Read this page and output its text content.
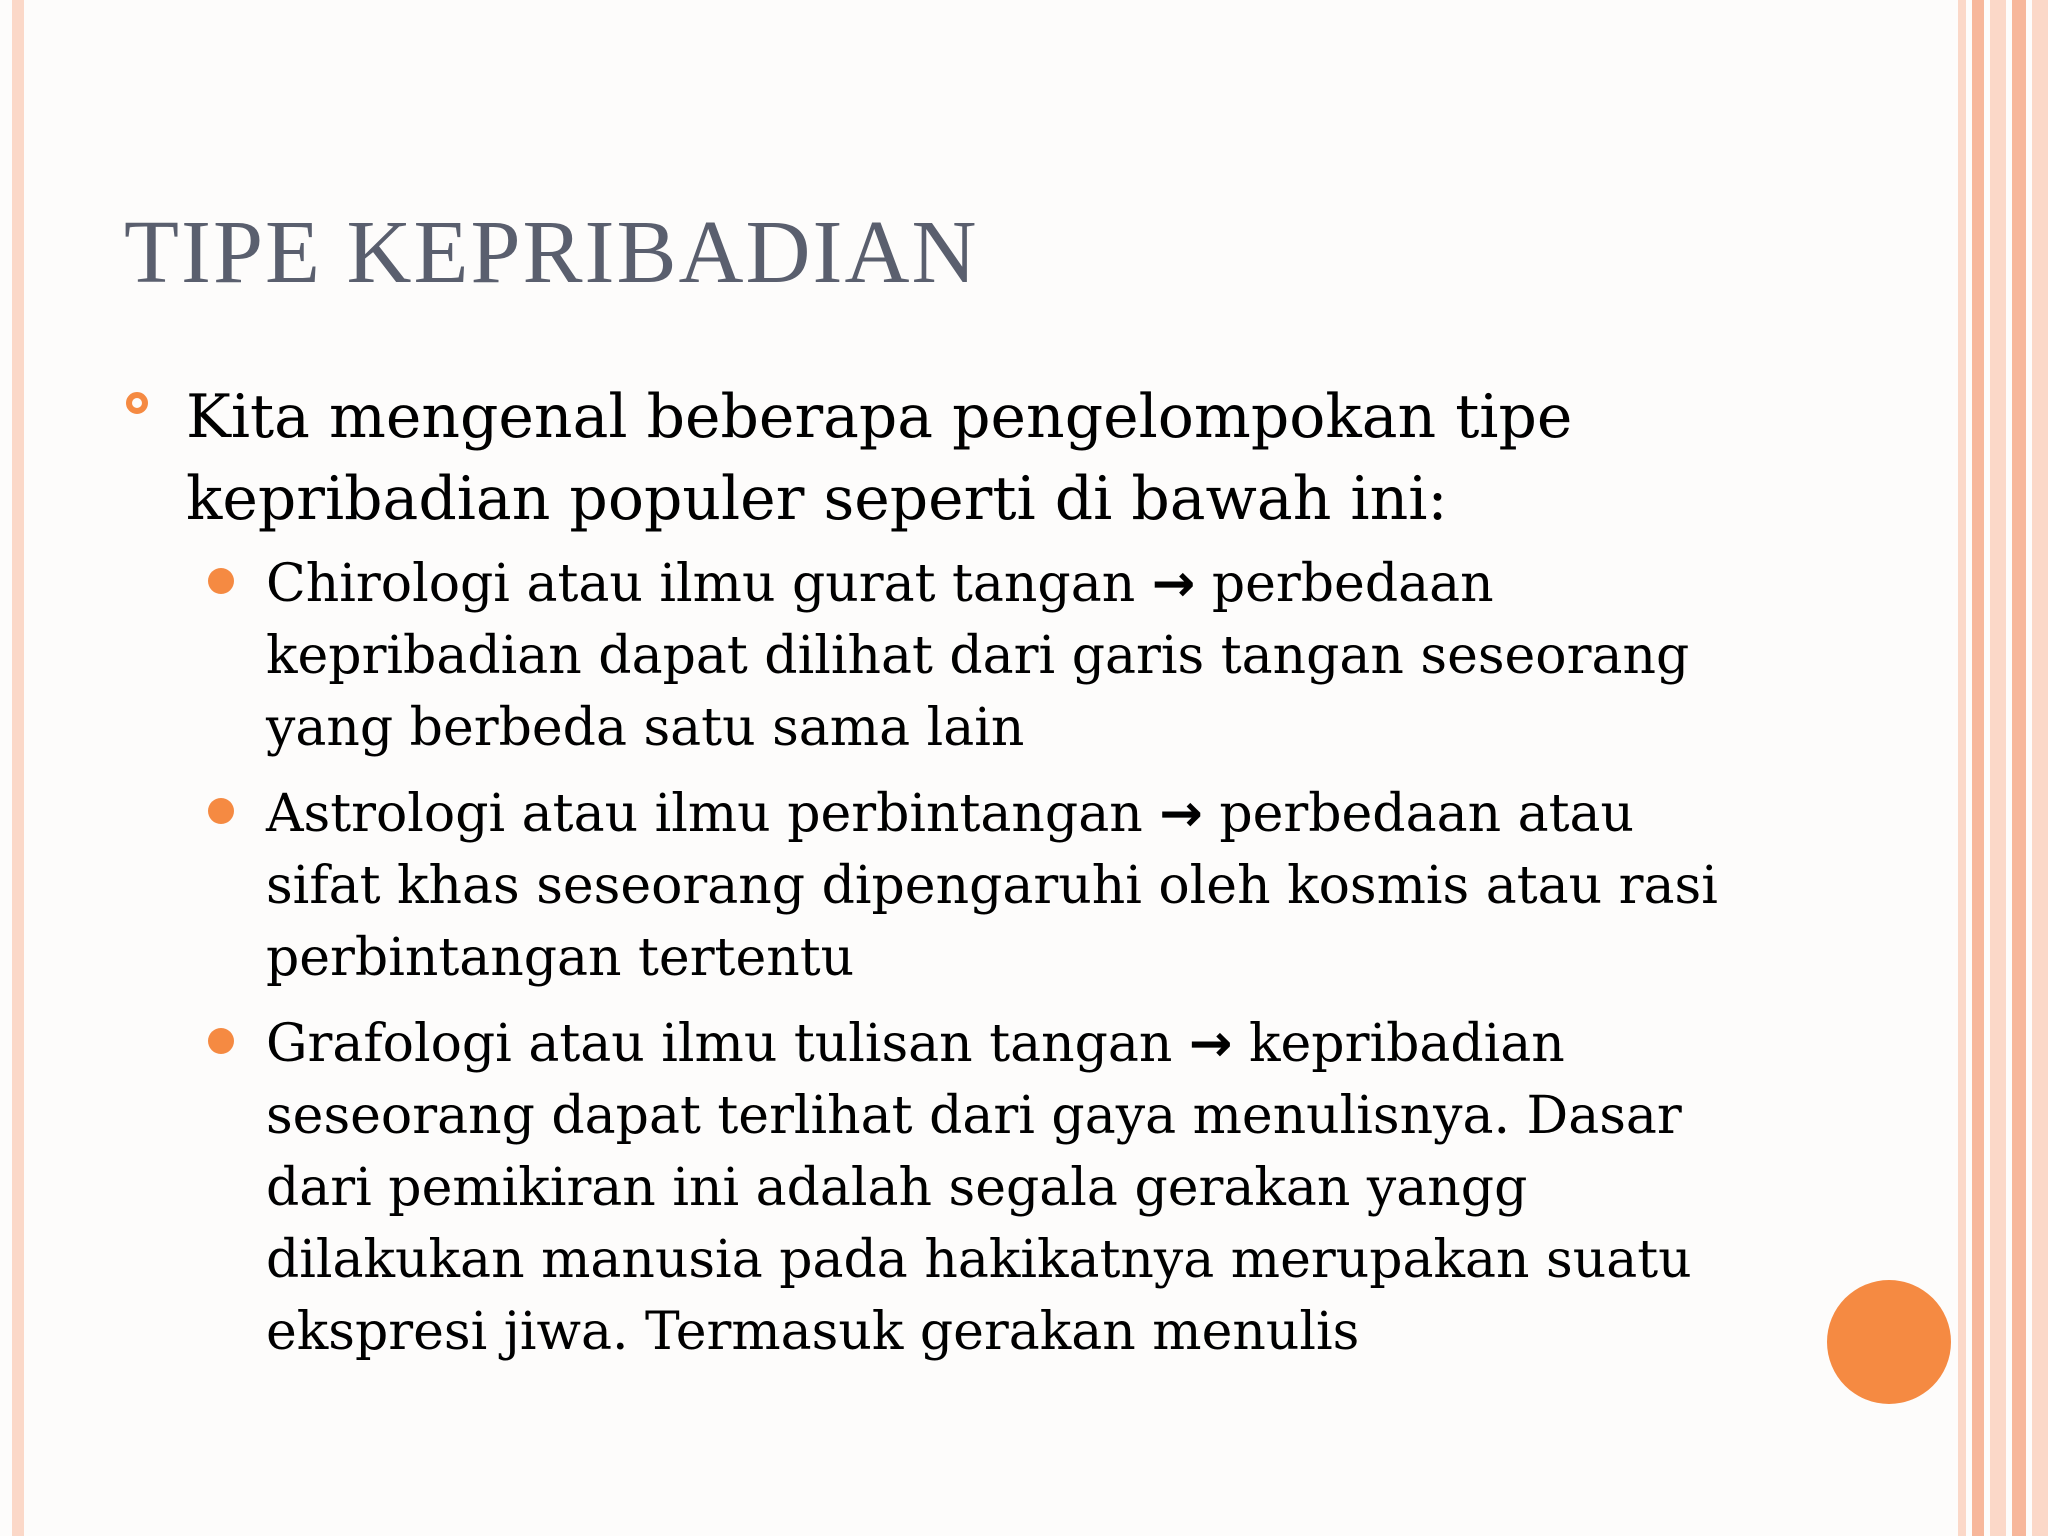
TIPE KEPRIBADIAN

Kita mengenal beberapa pengelompokan tipe kepribadian populer seperti di bawah ini:

Chirologi atau ilmu gurat tangan → perbedaan kepribadian dapat dilihat dari garis tangan seseorang yang berbeda satu sama lain
Astrologi atau ilmu perbintangan → perbedaan atau sifat khas seseorang dipengaruhi oleh kosmis atau rasi perbintangan tertentu
Grafologi atau ilmu tulisan tangan → kepribadian seseorang dapat terlihat dari gaya menulisnya. Dasar dari pemikiran ini adalah segala gerakan yangg dilakukan manusia pada hakikatnya merupakan suatu ekspresi jiwa. Termasuk gerakan menulis
